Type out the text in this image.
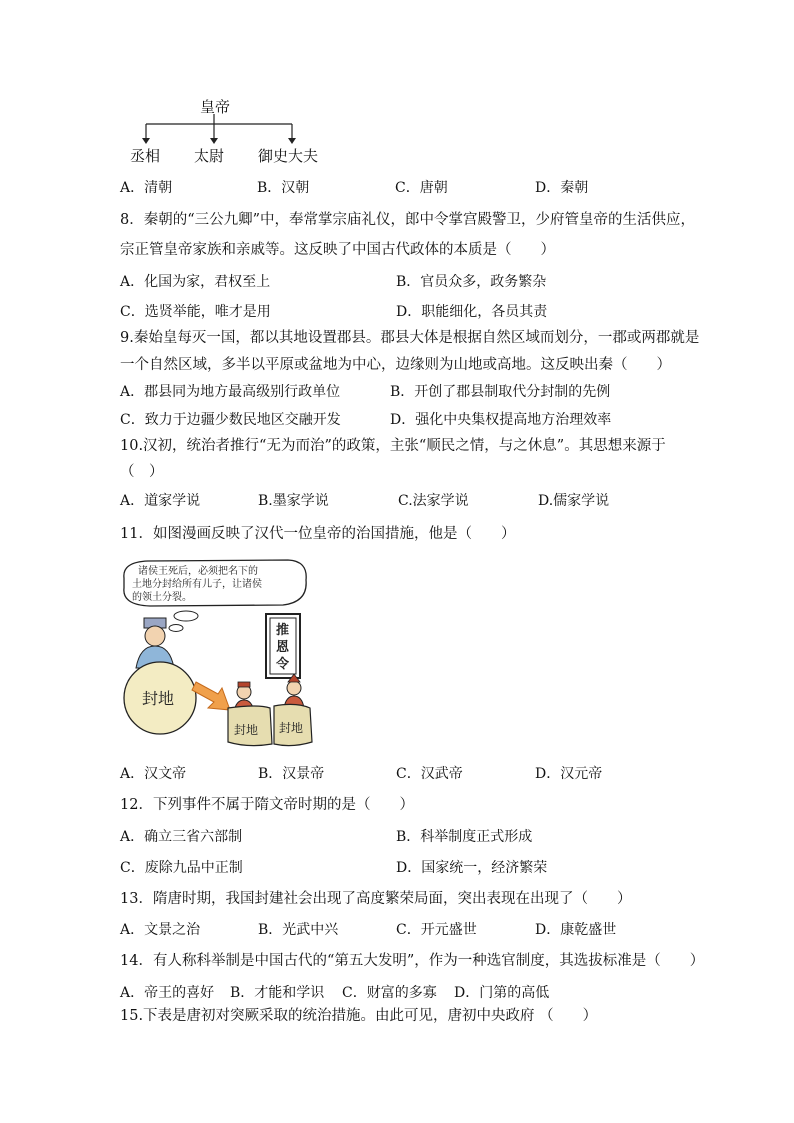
皇帝
丞相 太尉 御史大夫
A．清朝	B．汉朝	C．唐朝	D．秦朝
8．秦朝的“三公九卿”中，奉常掌宗庙礼仪，郎中令掌宫殿警卫，少府管皇帝的生活供应，
宗正管皇帝家族和亲戚等。这反映了中国古代政体的本质是（　　）
A．化国为家，君权至上	B．官员众多，政务繁杂
C．选贤举能，唯才是用	D．职能细化，各员其责
9.秦始皇每灭一国，都以其地设置郡县。郡县大体是根据自然区域而划分，一郡或两郡就是
一个自然区域，多半以平原或盆地为中心，边缘则为山地或高地。这反映出秦（　　）
A．郡县同为地方最高级别行政单位	B．开创了郡县制取代分封制的先例
C．致力于边疆少数民地区交融开发	D．强化中央集权提高地方治理效率
10.汉初，统治者推行“无为而治”的政策，主张“顺民之情，与之休息”。其思想来源于
（　）
A．道家学说	B.墨家学说	C.法家学说	D.儒家学说
11．如图漫画反映了汉代一位皇帝的治国措施，他是（　　）
诸侯王死后，必须把名下的
土地分封给所有儿子，让诸侯
的领土分裂。
封地
推
恩
令
封地 封地
A．汉文帝	B．汉景帝	C．汉武帝	D．汉元帝
12．下列事件不属于隋文帝时期的是（　　）
A．确立三省六部制	B．科举制度正式形成
C．废除九品中正制	D．国家统一，经济繁荣
13．隋唐时期，我国封建社会出现了高度繁荣局面，突出表现在出现了（　　）
A．文景之治	B．光武中兴	C．开元盛世	D．康乾盛世
14．有人称科举制是中国古代的“第五大发明”，作为一种选官制度，其选拔标准是（　　）
A．帝王的喜好 B．才能和学识 C．财富的多寡 D．门第的高低
15.下表是唐初对突厥采取的统治措施。由此可见，唐初中央政府 （　　）
